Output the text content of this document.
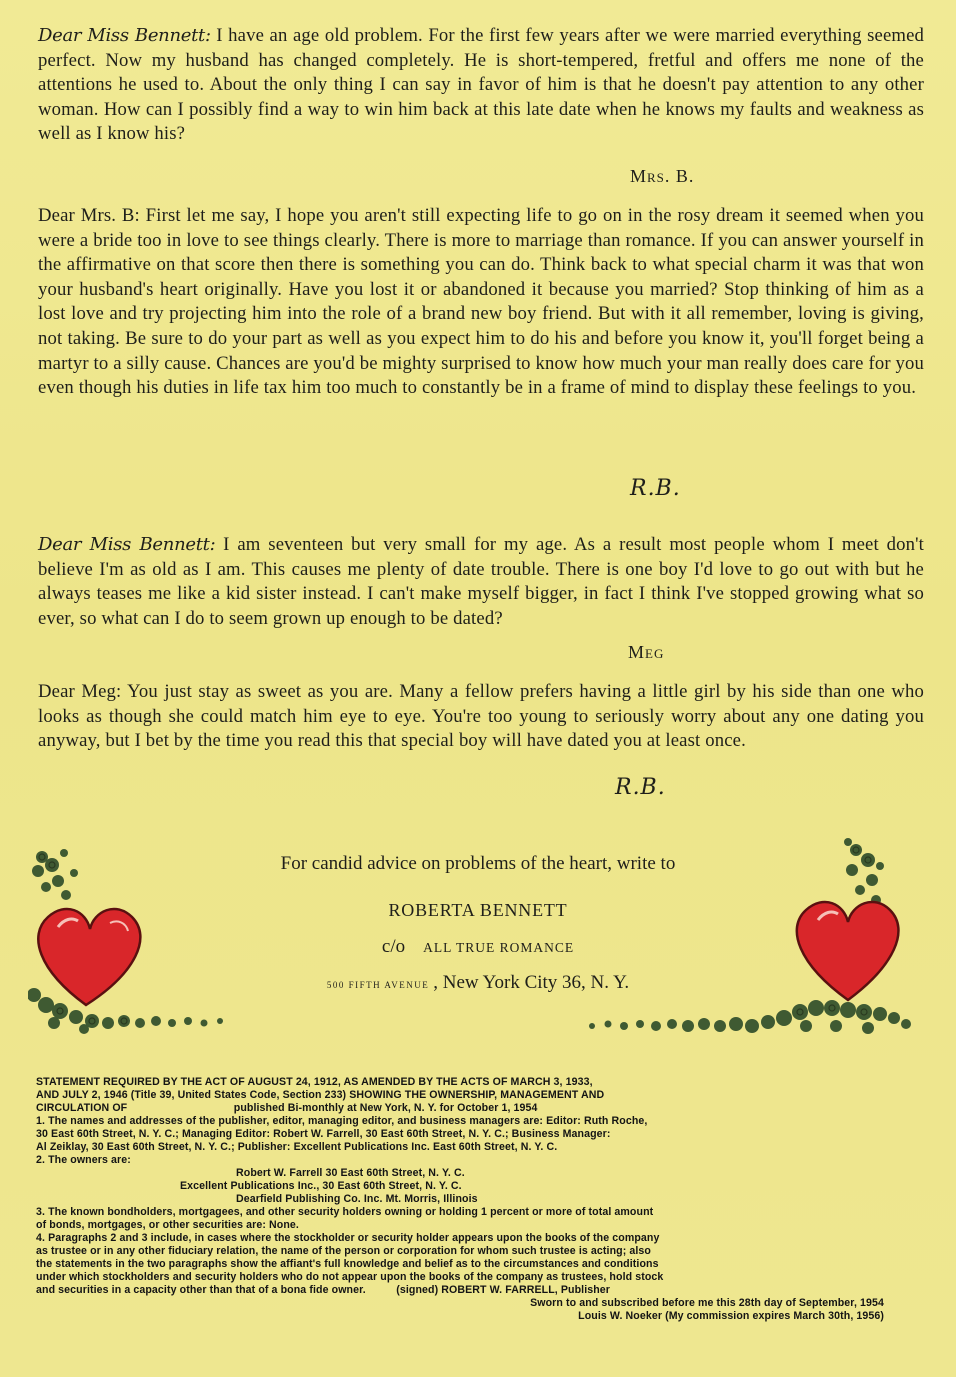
Dear Miss Bennett: I have an age old problem. For the first few years after we were married everything seemed perfect. Now my husband has changed completely. He is short-tempered, fretful and offers me none of the attentions he used to. About the only thing I can say in favor of him is that he doesn't pay attention to any other woman. How can I possibly find a way to win him back at this late date when he knows my faults and weakness as well as I know his?

Mrs. B.

Dear Mrs. B: First let me say, I hope you aren't still expecting life to go on in the rosy dream it seemed when you were a bride too in love to see things clearly. There is more to marriage than romance. If you can answer yourself in the affirmative on that score then there is something you can do. Think back to what special charm it was that won your husband's heart originally. Have you lost it or abandoned it because you married? Stop thinking of him as a lost love and try projecting him into the role of a brand new boy friend. But with it all remember, loving is giving, not taking. Be sure to do your part as well as you expect him to do his and before you know it, you'll forget being a martyr to a silly cause. Chances are you'd be mighty surprised to know how much your man really does care for you even though his duties in life tax him too much to constantly be in a frame of mind to display these feelings to you.

R.B.

Dear Miss Bennett: I am seventeen but very small for my age. As a result most people whom I meet don't believe I'm as old as I am. This causes me plenty of date trouble. There is one boy I'd love to go out with but he always teases me like a kid sister instead. I can't make myself bigger, in fact I think I've stopped growing what so ever, so what can I do to seem grown up enough to be dated?

Meg

Dear Meg: You just stay as sweet as you are. Many a fellow prefers having a little girl by his side than one who looks as though she could match him eye to eye. You're too young to seriously worry about any one dating you anyway, but I bet by the time you read this that special boy will have dated you at least once.

R.B.
For candid advice on problems of the heart, write to
ROBERTA BENNETT
c/o ALL TRUE ROMANCE
500 FIFTH AVENUE , New York City 36, N. Y.
STATEMENT REQUIRED BY THE ACT OF AUGUST 24, 1912, AS AMENDED BY THE ACTS OF MARCH 3, 1933,
AND JULY 2, 1946 (Title 39, United States Code, Section 233) SHOWING THE OWNERSHIP, MANAGEMENT AND
CIRCULATION OF                                   published Bi-monthly at New York, N. Y. for October 1, 1954
1. The names and addresses of the publisher, editor, managing editor, and business managers are: Editor: Ruth Roche,
30 East 60th Street, N. Y. C.; Managing Editor: Robert W. Farrell, 30 East 60th Street, N. Y. C.; Business Manager:
Al Zeiklay, 30 East 60th Street, N. Y. C.; Publisher: Excellent Publications Inc. East 60th Street, N. Y. C.
2. The owners are:
Robert W. Farrell 30 East 60th Street, N. Y. C.
Excellent Publications Inc., 30 East 60th Street, N. Y. C.
Dearfield Publishing Co. Inc. Mt. Morris, Illinois
3. The known bondholders, mortgagees, and other security holders owning or holding 1 percent or more of total amount
of bonds, mortgages, or other securities are: None.
4. Paragraphs 2 and 3 include, in cases where the stockholder or security holder appears upon the books of the company
as trustee or in any other fiduciary relation, the name of the person or corporation for whom such trustee is acting; also
the statements in the two paragraphs show the affiant's full knowledge and belief as to the circumstances and conditions
under which stockholders and security holders who do not appear upon the books of the company as trustees, hold stock
and securities in a capacity other than that of a bona fide owner.          (signed) ROBERT W. FARRELL, Publisher
Sworn to and subscribed before me this 28th day of September, 1954
Louis W. Noeker (My commission expires March 30th, 1956)
